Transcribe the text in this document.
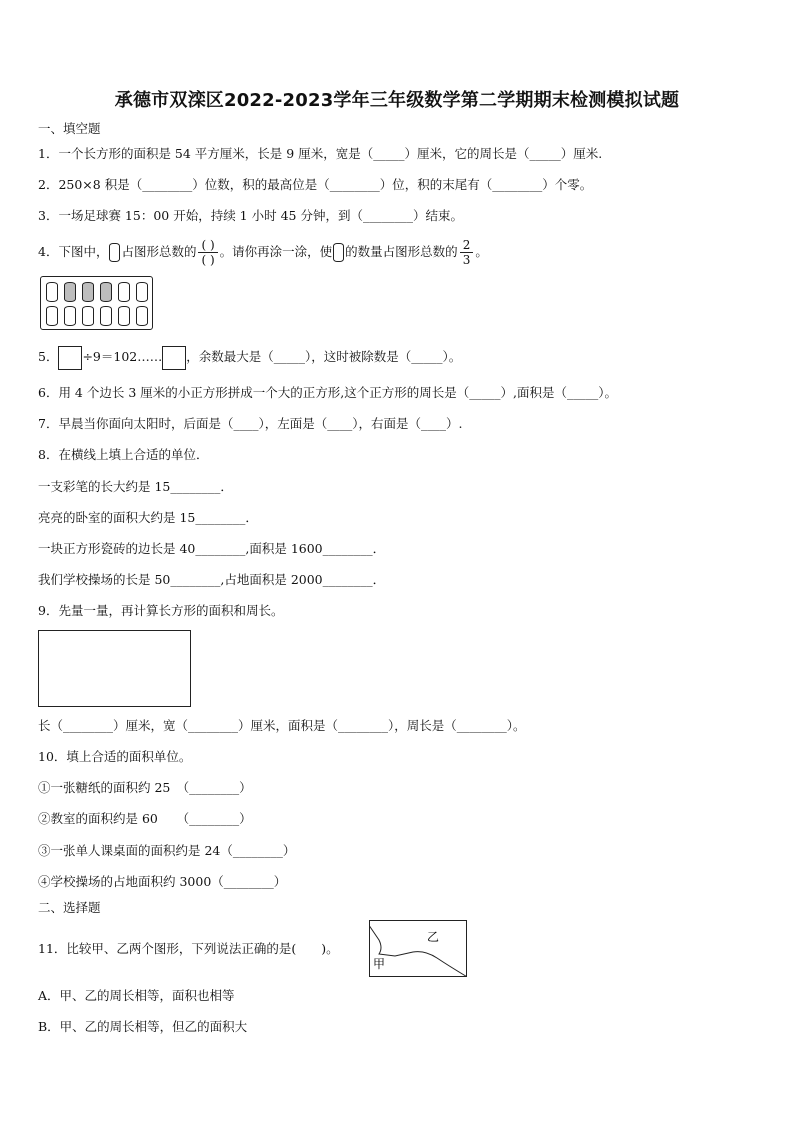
承德市双滦区2022-2023学年三年级数学第二学期期末检测模拟试题
一、填空题
1．一个长方形的面积是 54 平方厘米，长是 9 厘米，宽是（_____）厘米，它的周长是（_____）厘米.
2．250×8 积是（________）位数，积的最高位是（________）位，积的末尾有（________）个零。
3．一场足球赛 15：00 开始，持续 1 小时 45 分钟，到（________）结束。
4．下图中， 占图形总数的 $\frac{( )}{( )}$ 。请你再涂一涂，使 的数量占图形总数的 $\frac{2}{3}$ 。
5． ÷9＝102…… ，余数最大是（_____），这时被除数是（_____）。
6．用 4 个边长 3 厘米的小正方形拼成一个大的正方形,这个正方形的周长是（_____）,面积是（_____）。
7．早晨当你面向太阳时，后面是（____），左面是（____），右面是（____）.
8．在横线上填上合适的单位．
一支彩笔的长大约是 15________．
亮亮的卧室的面积大约是 15________．
一块正方形瓷砖的边长是 40________,面积是 1600________．
我们学校操场的长是 50________,占地面积是 2000________．
9．先量一量，再计算长方形的面积和周长。
长（________）厘米，宽（________）厘米，面积是（________），周长是（________）。
10．填上合适的面积单位。
①一张糖纸的面积约 25　（________）
②教室的面积约是 60　　（________）
③一张单人课桌面的面积约是 24（________）
④学校操场的占地面积约 3000（________）
二、选择题
11．比较甲、乙两个图形，下列说法正确的是(　　)。
乙
甲
A．甲、乙的周长相等，面积也相等
B．甲、乙的周长相等，但乙的面积大
